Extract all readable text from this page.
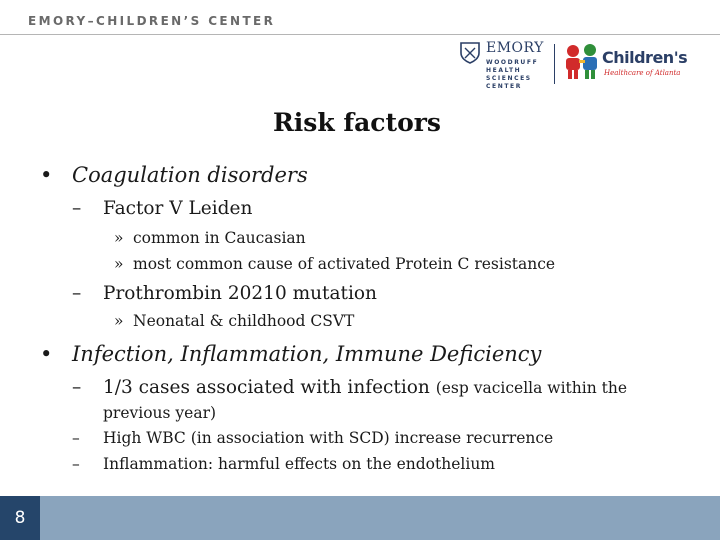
EMORY–CHILDREN’S CENTER
EMORY
WOODRUFF
HEALTH
SCIENCES
CENTER
Children's
Healthcare of Atlanta
Risk factors
• Coagulation disorders
– Factor V Leiden
» common in Caucasian
» most common cause of activated Protein C resistance
– Prothrombin 20210 mutation
» Neonatal & childhood CSVT
• Infection, Inflammation, Immune Deficiency
– 1/3 cases associated with infection (esp vacicella within the
previous year)
– High WBC (in association with SCD) increase recurrence
– Inflammation: harmful effects on the endothelium
8
